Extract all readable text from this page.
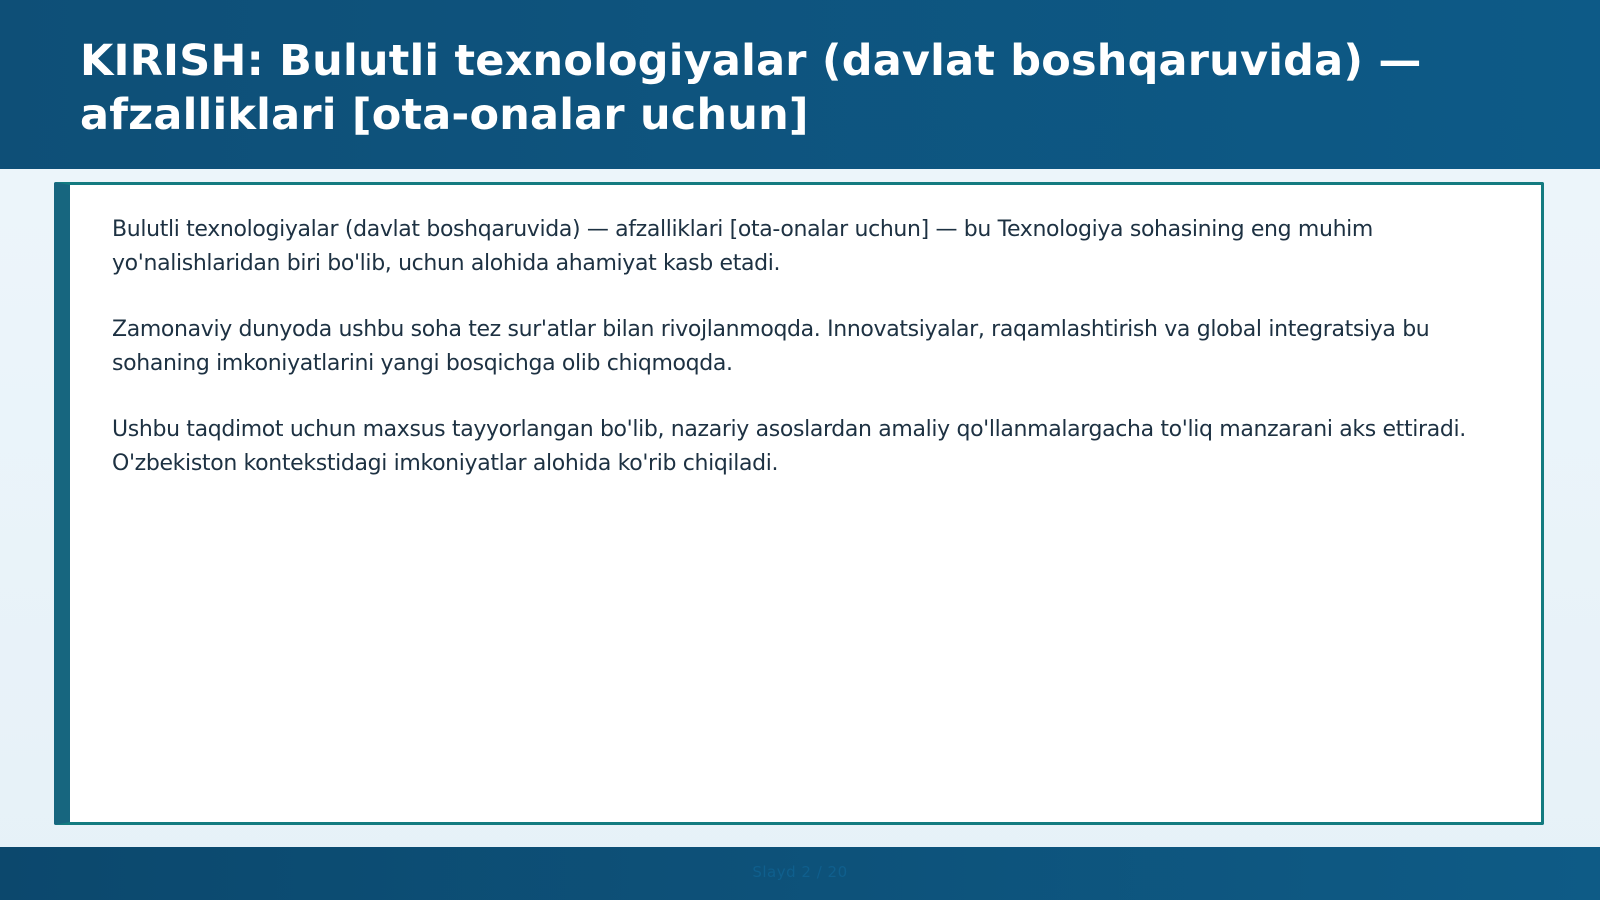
KIRISH: Bulutli texnologiyalar (davlat boshqaruvida) — afzalliklari [ota-onalar uchun]

Bulutli texnologiyalar (davlat boshqaruvida) — afzalliklari [ota-onalar uchun] — bu Texnologiya sohasining eng muhim yo'nalishlaridan biri bo'lib, uchun alohida ahamiyat kasb etadi.

Zamonaviy dunyoda ushbu soha tez sur'atlar bilan rivojlanmoqda. Innovatsiyalar, raqamlashtirish va global integratsiya bu sohaning imkoniyatlarini yangi bosqichga olib chiqmoqda.

Ushbu taqdimot uchun maxsus tayyorlangan bo'lib, nazariy asoslardan amaliy qo'llanmalargacha to'liq manzarani aks ettiradi. O'zbekiston kontekstidagi imkoniyatlar alohida ko'rib chiqiladi.

Slayd 2 / 20
